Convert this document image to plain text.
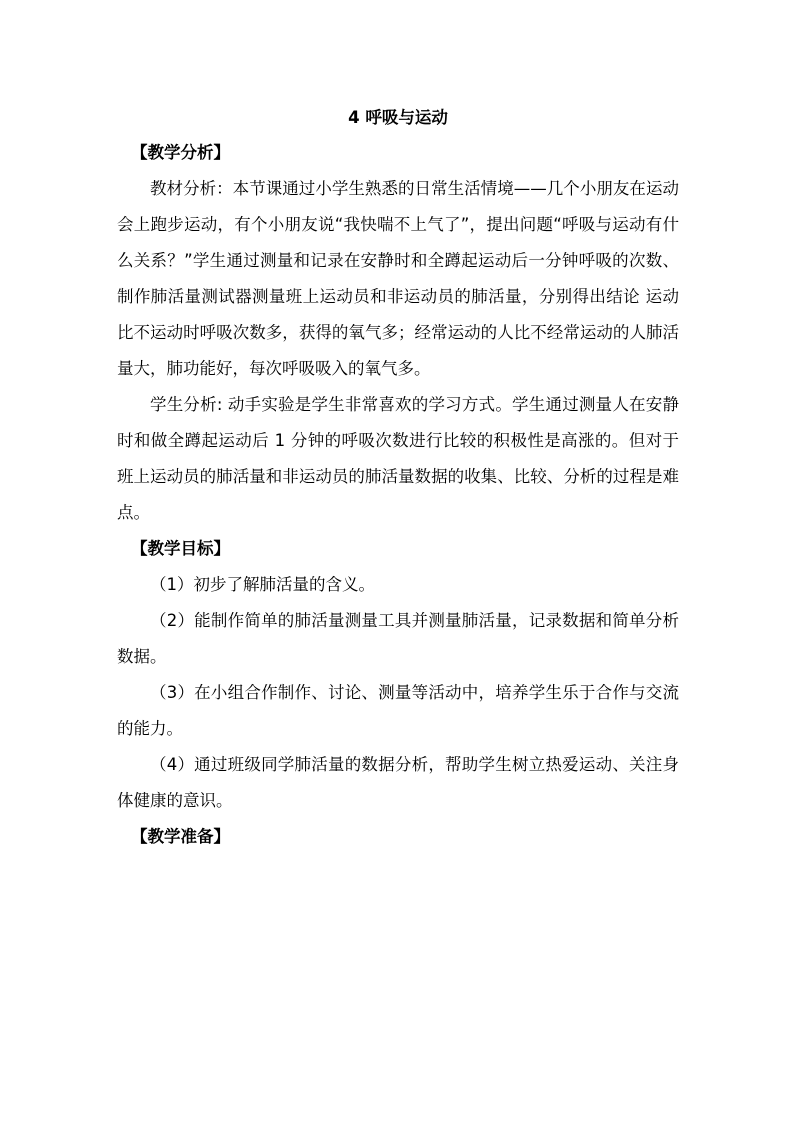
4 呼吸与运动
【教学分析】

教材分析：本节课通过小学生熟悉的日常生活情境——几个小朋友在运动会上跑步运动，有个小朋友说“我快喘不上气了”，提出问题“呼吸与运动有什么关系？”学生通过测量和记录在安静时和全蹲起运动后一分钟呼吸的次数、制作肺活量测试器测量班上运动员和非运动员的肺活量，分别得出结论 运动比不运动时呼吸次数多，获得的氧气多；经常运动的人比不经常运动的人肺活量大，肺功能好，每次呼吸吸入的氧气多。

学生分析: 动手实验是学生非常喜欢的学习方式。学生通过测量人在安静时和做全蹲起运动后 1 分钟的呼吸次数进行比较的积极性是高涨的。但对于班上运动员的肺活量和非运动员的肺活量数据的收集、比较、分析的过程是难点。

【教学目标】

（1）初步了解肺活量的含义。

（2）能制作简单的肺活量测量工具并测量肺活量，记录数据和简单分析数据。

（3）在小组合作制作、讨论、测量等活动中，培养学生乐于合作与交流的能力。

（4）通过班级同学肺活量的数据分析，帮助学生树立热爱运动、关注身体健康的意识。

【教学准备】
